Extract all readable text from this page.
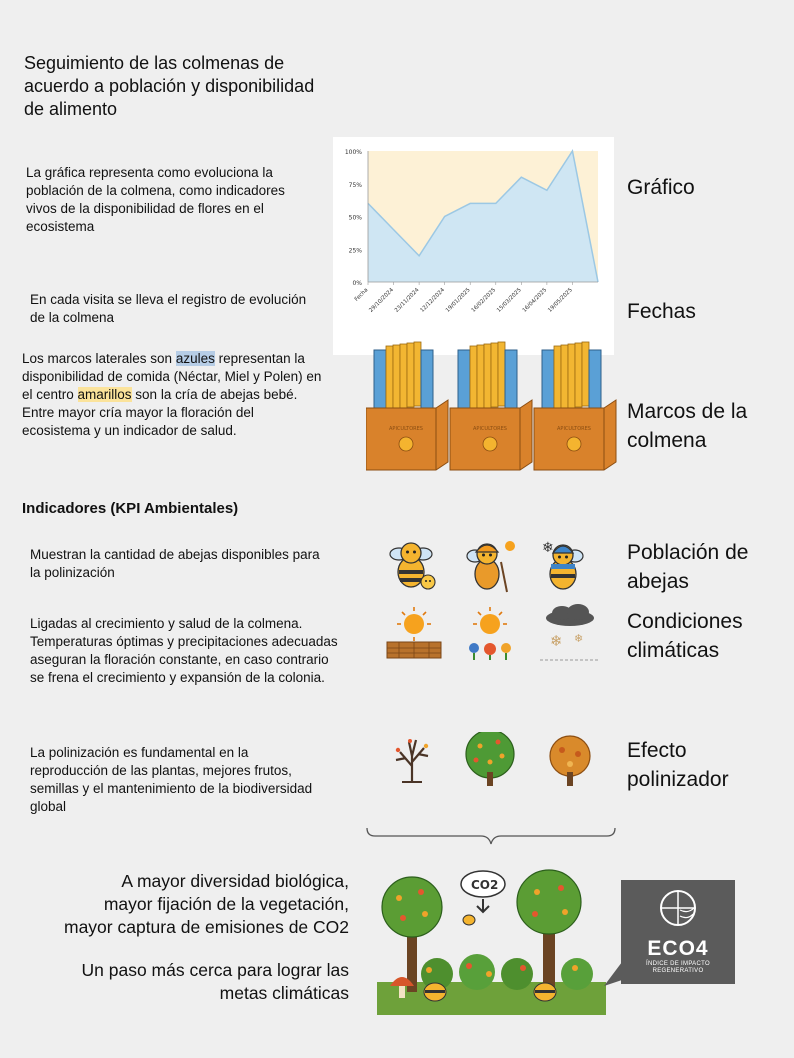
Seguimiento de las colmenas de acuerdo a población y disponibilidad de alimento
La gráfica representa como evoluciona la población de la colmena, como indicadores vivos de la disponibilidad de flores en el ecosistema
0%
25%
50%
75%
100%
Fecha
29/10/2024
23/11/2024
12/12/2024
19/01/2025
16/02/2025
15/03/2025
16/04/2025
19/05/2025
Gráfico
Fechas
En cada visita se lleva el registro de evolución de la colmena
Los marcos laterales son azules representan la disponibilidad de comida (Néctar, Miel y Polen) en el centro amarillos son la cría de abejas bebé. Entre mayor cría mayor la floración del ecosistema y un indicador de salud.	APICULTORES	APICULTORES	APICULTORES
Marcos de la
colmena
Indicadores (KPI Ambientales)
Muestran la cantidad de abejas disponibles para la polinización
❄	Población de
abejas
Ligadas al crecimiento y salud de la colmena. Temperaturas óptimas y precipitaciones adecuadas aseguran la floración constante, en caso contrario se frena el crecimiento y expansión de la colonia.
❄ ❄
Condiciones
climáticas
La polinización es fundamental en la reproducción de las plantas, mejores frutos, semillas y el mantenimiento de la biodiversidad global
Efecto
polinizador
A mayor diversidad biológica,
mayor fijación de la vegetación,
mayor captura de emisiones de CO2
Un paso más cerca para lograr las
metas climáticas
CO2
ECO4
ÍNDICE DE IMPACTO
REGENERATIVO
